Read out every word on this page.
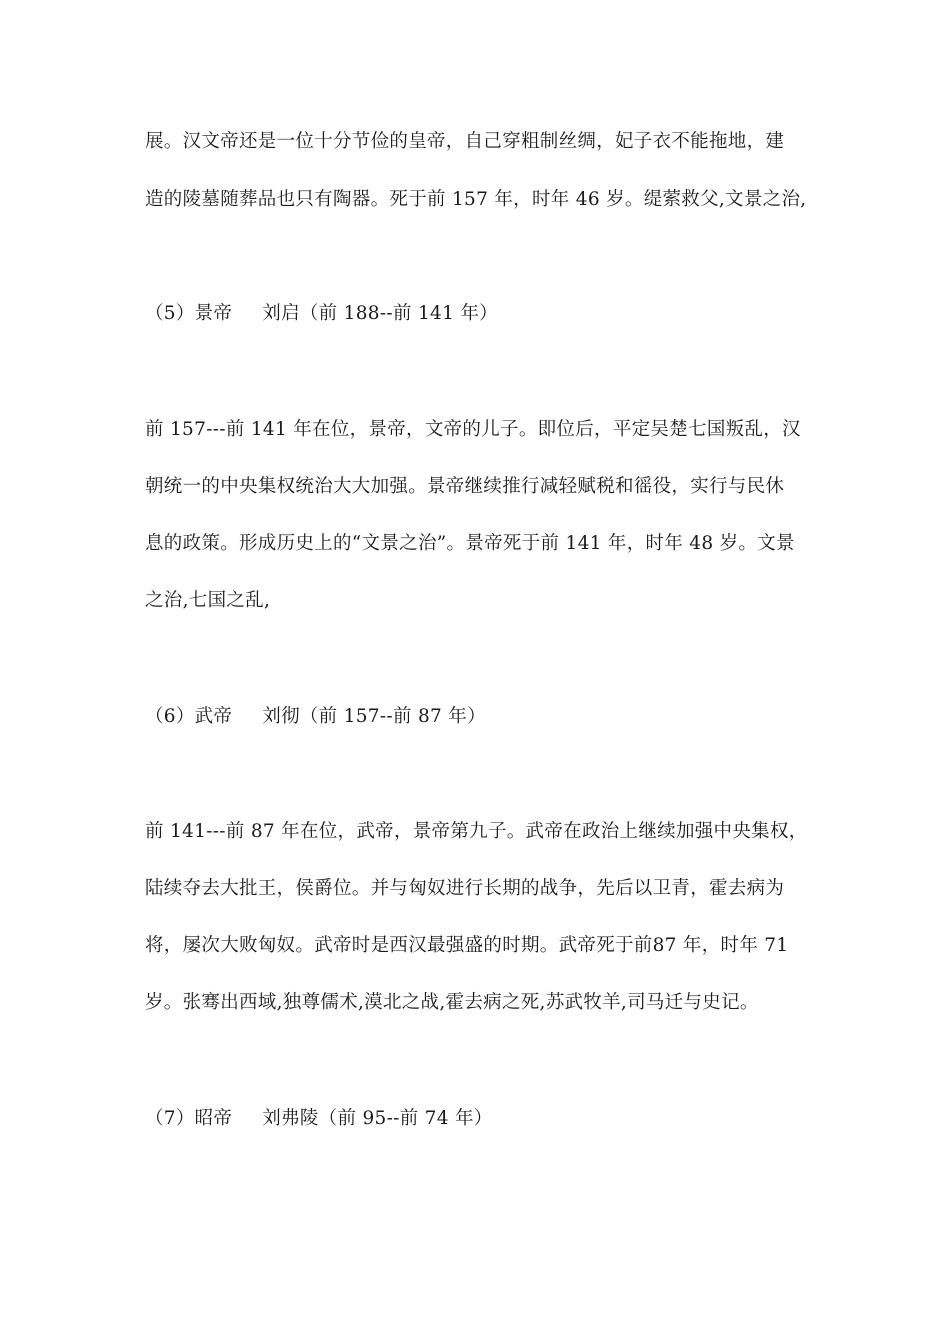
展。汉文帝还是一位十分节俭的皇帝，自己穿粗制丝绸，妃子衣不能拖地，建
造的陵墓随葬品也只有陶器。死于前 157 年，时年 46 岁。缇萦救父,文景之治,
（5）景帝 刘启（前 188--前 141 年）
前 157---前 141 年在位，景帝，文帝的儿子。即位后，平定吴楚七国叛乱，汉
朝统一的中央集权统治大大加强。景帝继续推行减轻赋税和徭役，实行与民休
息的政策。形成历史上的“文景之治”。景帝死于前 141 年，时年 48 岁。文景
之治,七国之乱,
（6）武帝 刘彻（前 157--前 87 年）
前 141---前 87 年在位，武帝，景帝第九子。武帝在政治上继续加强中央集权，
陆续夺去大批王，侯爵位。并与匈奴进行长期的战争，先后以卫青，霍去病为
将，屡次大败匈奴。武帝时是西汉最强盛的时期。武帝死于前87 年，时年 71
岁。张骞出西域,独尊儒术,漠北之战,霍去病之死,苏武牧羊,司马迁与史记。
（7）昭帝 刘弗陵（前 95--前 74 年）
